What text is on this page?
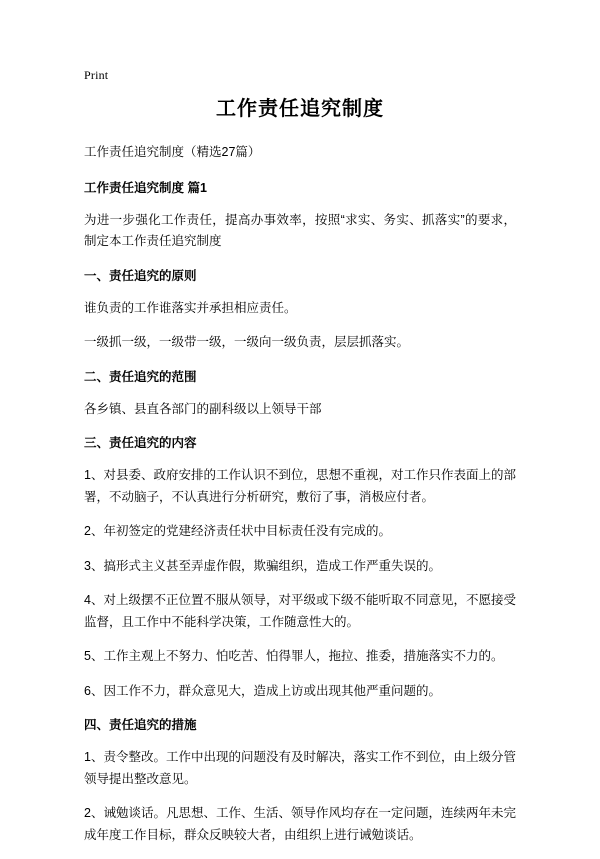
Print
工作责任追究制度

工作责任追究制度（精选27篇）

工作责任追究制度 篇1

为进一步强化工作责任，提高办事效率，按照“求实、务实、抓落实”的要求，制定本工作责任追究制度

一、责任追究的原则

谁负责的工作谁落实并承担相应责任。

一级抓一级，一级带一级，一级向一级负责，层层抓落实。

二、责任追究的范围

各乡镇、县直各部门的副科级以上领导干部

三、责任追究的内容

1、对县委、政府安排的工作认识不到位，思想不重视，对工作只作表面上的部署，不动脑子，不认真进行分析研究，敷衍了事，消极应付者。

2、年初签定的党建经济责任状中目标责任没有完成的。

3、搞形式主义甚至弄虚作假，欺骗组织，造成工作严重失误的。

4、对上级摆不正位置不服从领导，对平级或下级不能听取不同意见，不愿接受监督，且工作中不能科学决策，工作随意性大的。

5、工作主观上不努力、怕吃苦、怕得罪人，拖拉、推委，措施落实不力的。

6、因工作不力，群众意见大，造成上访或出现其他严重问题的。

四、责任追究的措施

1、责令整改。工作中出现的问题没有及时解决，落实工作不到位，由上级分管领导提出整改意见。

2、诫勉谈话。凡思想、工作、生活、领导作风均存在一定问题，连续两年未完成年度工作目标，群众反映较大者，由组织上进行诫勉谈话。
